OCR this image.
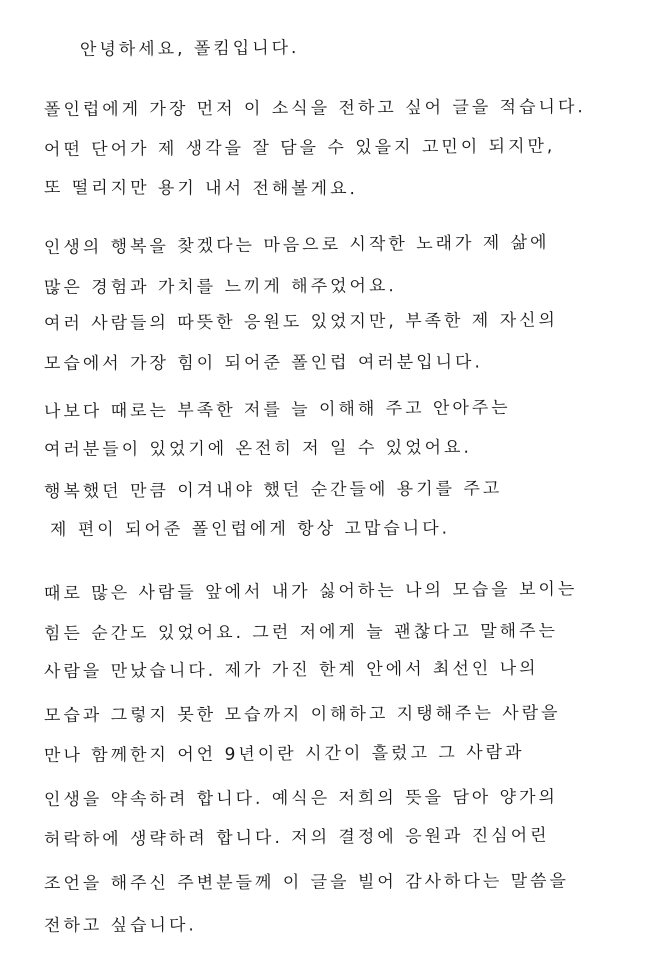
안녕하세요, 폴킴입니다.
폴인럽에게 가장 먼저 이 소식을 전하고 싶어 글을 적습니다.
어떤 단어가 제 생각을 잘 담을 수 있을지 고민이 되지만,
또 떨리지만 용기 내서 전해볼게요.
인생의 행복을 찾겠다는 마음으로 시작한 노래가 제 삶에
많은 경험과 가치를 느끼게 해주었어요.
여러 사람들의 따뜻한 응원도 있었지만, 부족한 제 자신의
모습에서 가장 힘이 되어준 폴인럽 여러분입니다.
나보다 때로는 부족한 저를 늘 이해해 주고 안아주는
여러분들이 있었기에 온전히 저 일 수 있었어요.
행복했던 만큼 이겨내야 했던 순간들에 용기를 주고
제 편이 되어준 폴인럽에게 항상 고맙습니다.
때로 많은 사람들 앞에서 내가 싫어하는 나의 모습을 보이는
힘든 순간도 있었어요. 그런 저에게 늘 괜찮다고 말해주는
사람을 만났습니다. 제가 가진 한계 안에서 최선인 나의
모습과 그렇지 못한 모습까지 이해하고 지탱해주는 사람을
만나 함께한지 어언 9년이란 시간이 흘렀고 그 사람과
인생을 약속하려 합니다. 예식은 저희의 뜻을 담아 양가의
허락하에 생략하려 합니다. 저의 결정에 응원과 진심어린
조언을 해주신 주변분들께 이 글을 빌어 감사하다는 말씀을
전하고 싶습니다.
